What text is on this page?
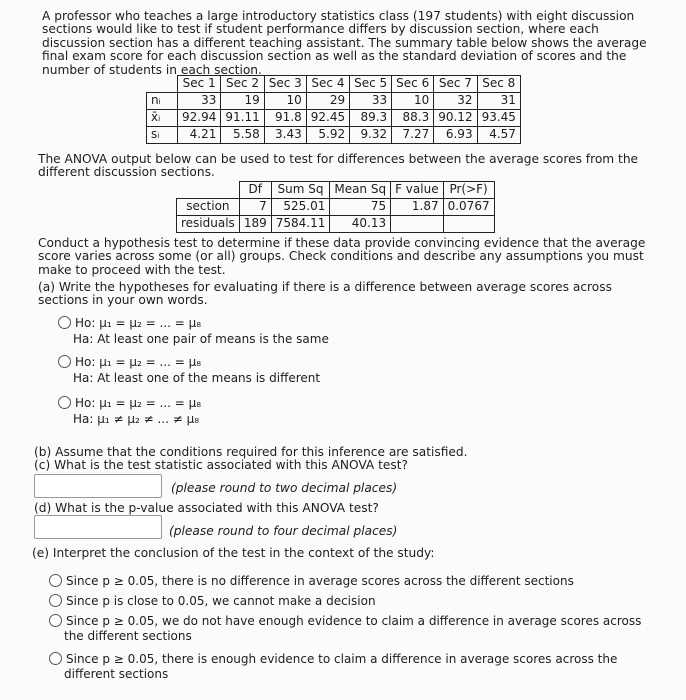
A professor who teaches a large introductory statistics class (197 students) with eight discussion sections would like to test if student performance differs by discussion section, where each discussion section has a different teaching assistant. The summary table below shows the average final exam score for each discussion section as well as the standard deviation of scores and the number of students in each section.
	Sec 1	Sec 2	Sec 3	Sec 4	Sec 5	Sec 6	Sec 7	Sec 8
nᵢ	33	19	10	29	33	10	32	31
x̄ᵢ	92.94	91.11	91.8	92.45	89.3	88.3	90.12	93.45
sᵢ	4.21	5.58	3.43	5.92	9.32	7.27	6.93	4.57
The ANOVA output below can be used to test for differences between the average scores from the different discussion sections.
	Df	Sum Sq	Mean Sq	F value	Pr(>F)
section	7	525.01	75	1.87	0.0767
residuals	189	7584.11	40.13		
Conduct a hypothesis test to determine if these data provide convincing evidence that the average score varies across some (or all) groups. Check conditions and describe any assumptions you must make to proceed with the test.
(a) Write the hypotheses for evaluating if there is a difference between average scores across sections in your own words.
Ho: μ₁ = μ₂ = ... = μ₈
Ha: At least one pair of means is the same
Ho: μ₁ = μ₂ = ... = μ₈
Ha: At least one of the means is different
Ho: μ₁ = μ₂ = ... = μ₈
Ha: μ₁ ≠ μ₂ ≠ ... ≠ μ₈
(b) Assume that the conditions required for this inference are satisfied.
(c) What is the test statistic associated with this ANOVA test?
(please round to two decimal places)
(d) What is the p-value associated with this ANOVA test?
(please round to four decimal places)
(e) Interpret the conclusion of the test in the context of the study:
Since p ≥ 0.05, there is no difference in average scores across the different sections
Since p is close to 0.05, we cannot make a decision
Since p ≥ 0.05, we do not have enough evidence to claim a difference in average scores across the different sections
Since p ≥ 0.05, there is enough evidence to claim a difference in average scores across the different sections
